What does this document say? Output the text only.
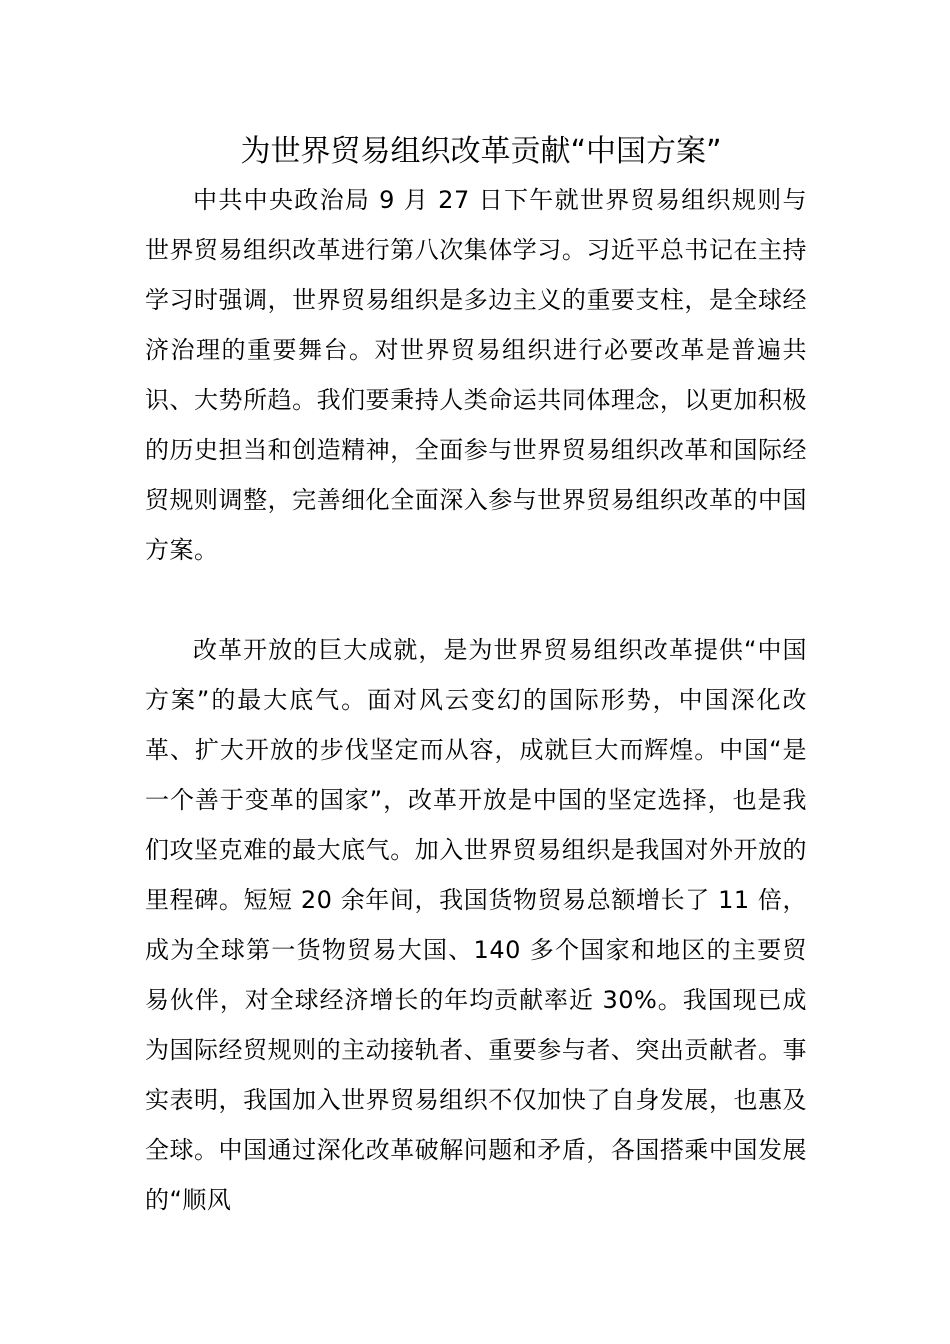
为世界贸易组织改革贡献“中国方案”

中共中央政治局 9 月 27 日下午就世界贸易组织规则与世界贸易组织改革进行第八次集体学习。习近平总书记在主持学习时强调，世界贸易组织是多边主义的重要支柱，是全球经济治理的重要舞台。对世界贸易组织进行必要改革是普遍共识、大势所趋。我们要秉持人类命运共同体理念，以更加积极的历史担当和创造精神，全面参与世界贸易组织改革和国际经贸规则调整，完善细化全面深入参与世界贸易组织改革的中国方案。

改革开放的巨大成就，是为世界贸易组织改革提供“中国方案”的最大底气。面对风云变幻的国际形势，中国深化改革、扩大开放的步伐坚定而从容，成就巨大而辉煌。中国“是一个善于变革的国家”，改革开放是中国的坚定选择，也是我们攻坚克难的最大底气。加入世界贸易组织是我国对外开放的里程碑。短短 20 余年间，我国货物贸易总额增长了 11 倍，成为全球第一货物贸易大国、140 多个国家和地区的主要贸易伙伴，对全球经济增长的年均贡献率近 30%。我国现已成为国际经贸规则的主动接轨者、重要参与者、突出贡献者。事实表明，我国加入世界贸易组织不仅加快了自身发展，也惠及全球。中国通过深化改革破解问题和矛盾，各国搭乘中国发展的“顺风
